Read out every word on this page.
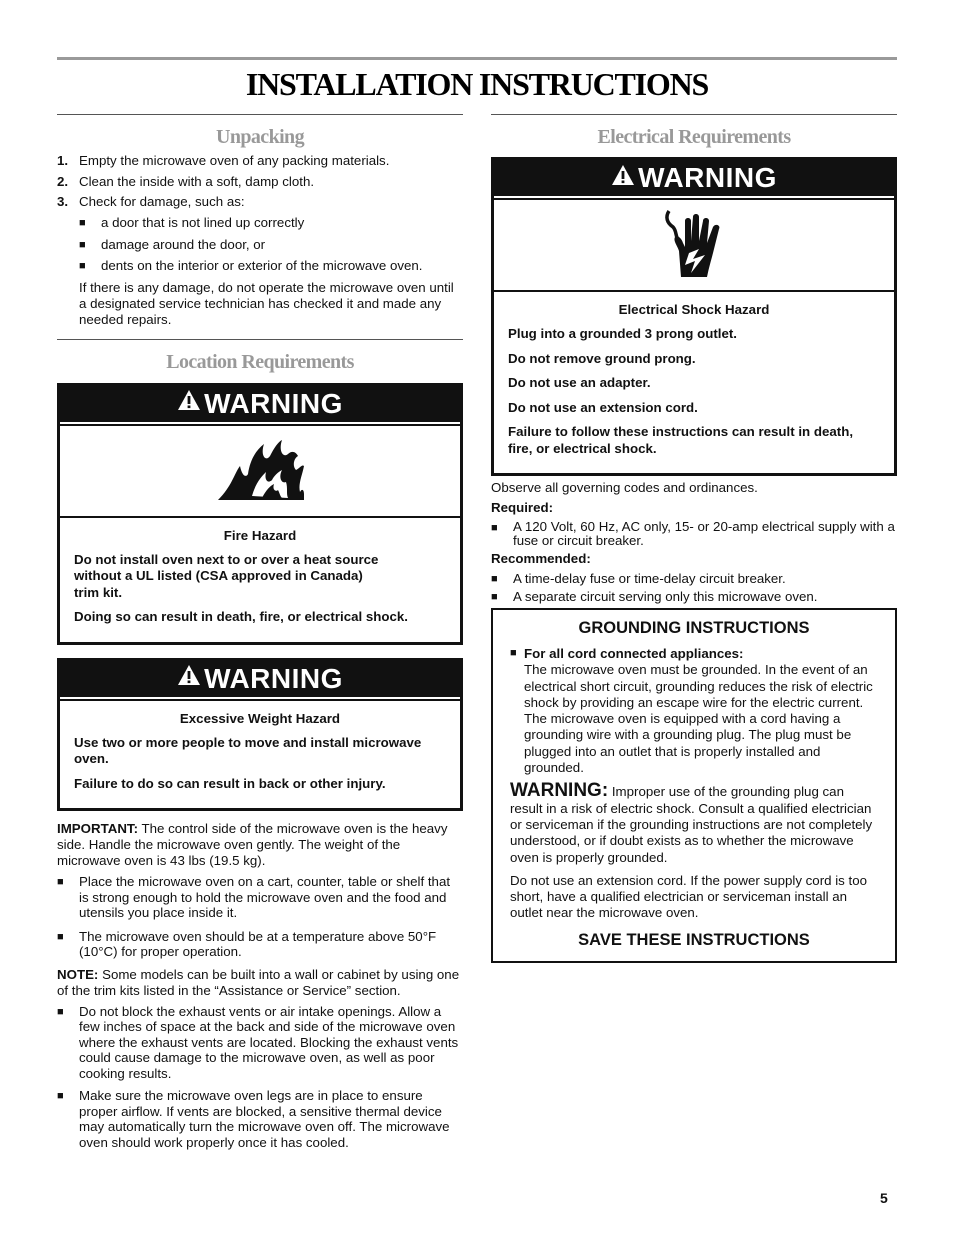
INSTALLATION INSTRUCTIONS
Unpacking
1. Empty the microwave oven of any packing materials.
2. Clean the inside with a soft, damp cloth.
3. Check for damage, such as:
■ a door that is not lined up correctly
■ damage around the door, or
■ dents on the interior or exterior of the microwave oven.

If there is any damage, do not operate the microwave oven until a designated service technician has checked it and made any needed repairs.

Location Requirements
WARNING
Fire Hazard
Do not install oven next to or over a heat source without a UL listed (CSA approved in Canada) trim kit.
Doing so can result in death, fire, or electrical shock.
WARNING
Excessive Weight Hazard
Use two or more people to move and install microwave oven.
Failure to do so can result in back or other injury.

IMPORTANT: The control side of the microwave oven is the heavy side. Handle the microwave oven gently. The weight of the microwave oven is 43 lbs (19.5 kg).

■ Place the microwave oven on a cart, counter, table or shelf that is strong enough to hold the microwave oven and the food and utensils you place inside it.
■ The microwave oven should be at a temperature above 50°F (10°C) for proper operation.

NOTE: Some models can be built into a wall or cabinet by using one of the trim kits listed in the “Assistance or Service” section.

■ Do not block the exhaust vents or air intake openings. Allow a few inches of space at the back and side of the microwave oven where the exhaust vents are located. Blocking the exhaust vents could cause damage to the microwave oven, as well as poor cooking results.
■ Make sure the microwave oven legs are in place to ensure proper airflow. If vents are blocked, a sensitive thermal device may automatically turn the microwave oven off. The microwave oven should work properly once it has cooled.
Electrical Requirements
WARNING
Electrical Shock Hazard
Plug into a grounded 3 prong outlet.
Do not remove ground prong.
Do not use an adapter.
Do not use an extension cord.
Failure to follow these instructions can result in death, fire, or electrical shock.

Observe all governing codes and ordinances.

Required:

■ A 120 Volt, 60 Hz, AC only, 15- or 20-amp electrical supply with a fuse or circuit breaker.

Recommended:

■ A time-delay fuse or time-delay circuit breaker.
■ A separate circuit serving only this microwave oven.
GROUNDING INSTRUCTIONS
■ For all cord connected appliances:

The microwave oven must be grounded. In the event of an electrical short circuit, grounding reduces the risk of electric shock by providing an escape wire for the electric current. The microwave oven is equipped with a cord having a grounding wire with a grounding plug. The plug must be plugged into an outlet that is properly installed and grounded.

WARNING: Improper use of the grounding plug can result in a risk of electric shock. Consult a qualified electrician or serviceman if the grounding instructions are not completely understood, or if doubt exists as to whether the microwave oven is properly grounded.

Do not use an extension cord. If the power supply cord is too short, have a qualified electrician or serviceman install an outlet near the microwave oven.

SAVE THESE INSTRUCTIONS
5
